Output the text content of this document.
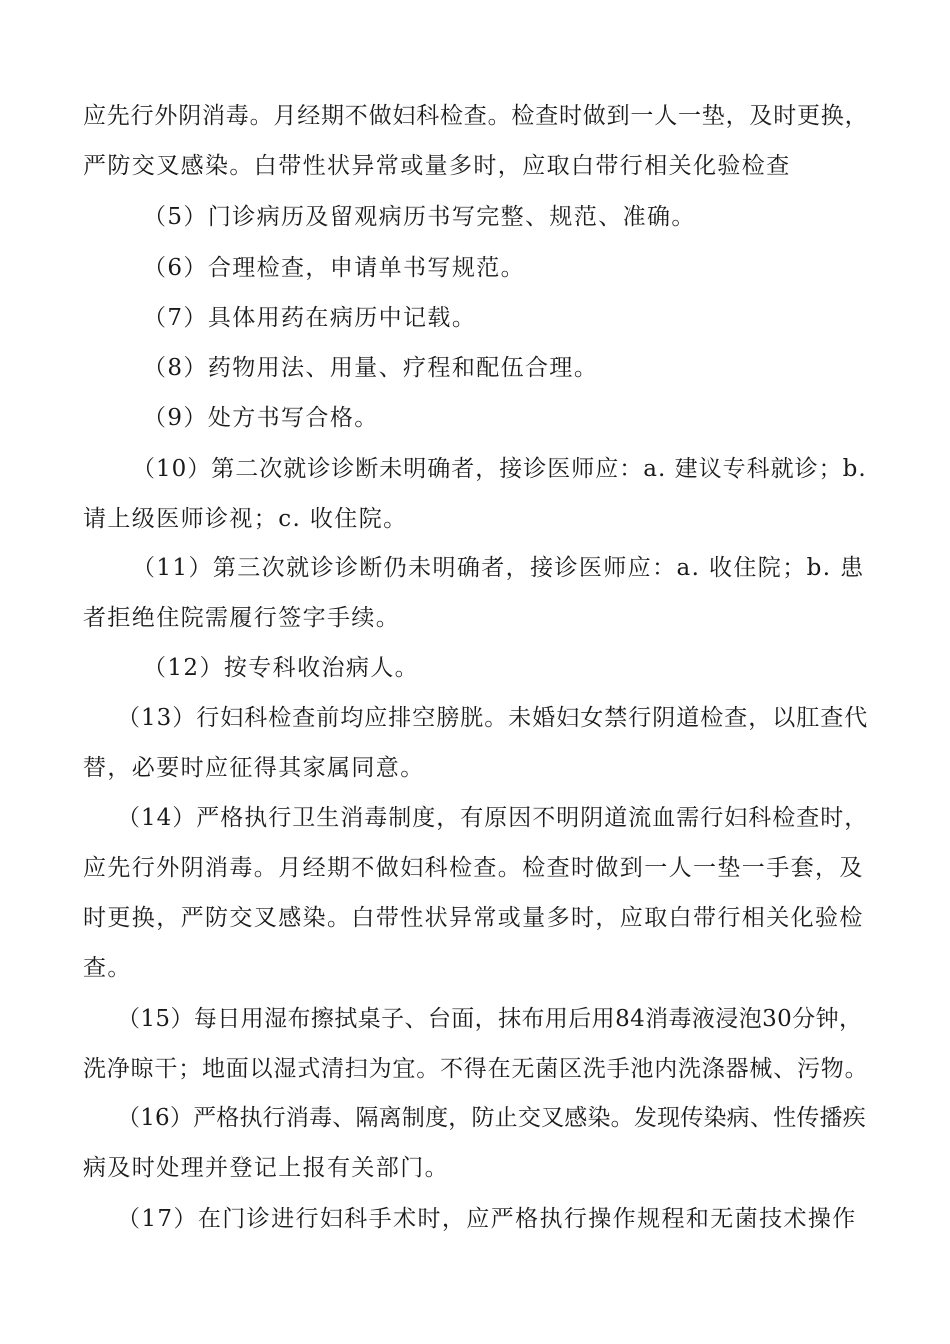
应先行外阴消毒。月经期不做妇科检查。检查时做到一人一垫，及时更换，
严防交叉感染。白带性状异常或量多时，应取白带行相关化验检查
（5）门诊病历及留观病历书写完整、规范、准确。
（6）合理检查，申请单书写规范。
（7）具体用药在病历中记载。
（8）药物用法、用量、疗程和配伍合理。
（9）处方书写合格。
（10）第二次就诊诊断未明确者，接诊医师应：a. 建议专科就诊；b.
请上级医师诊视；c. 收住院。
（11）第三次就诊诊断仍未明确者，接诊医师应：a. 收住院；b. 患
者拒绝住院需履行签字手续。
（12）按专科收治病人。
（13）行妇科检查前均应排空膀胱。未婚妇女禁行阴道检查，以肛查代
替，必要时应征得其家属同意。
（14）严格执行卫生消毒制度，有原因不明阴道流血需行妇科检查时，
应先行外阴消毒。月经期不做妇科检查。检查时做到一人一垫一手套，及
时更换，严防交叉感染。白带性状异常或量多时，应取白带行相关化验检
查。
（15）每日用湿布擦拭桌子、台面，抹布用后用84消毒液浸泡30分钟，
洗净晾干；地面以湿式清扫为宜。不得在无菌区洗手池内洗涤器械、污物。
（16）严格执行消毒、隔离制度，防止交叉感染。发现传染病、性传播疾
病及时处理并登记上报有关部门。
（17）在门诊进行妇科手术时，应严格执行操作规程和无菌技术操作
